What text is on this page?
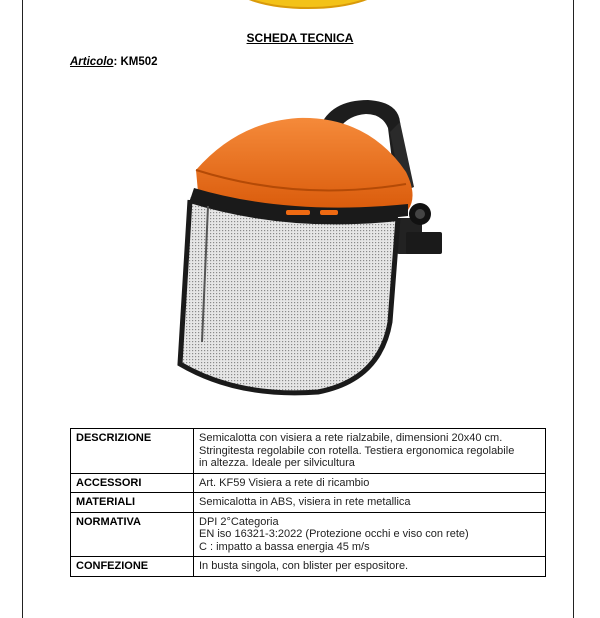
SCHEDA TECNICA
Articolo: KM502
DESCRIZIONE	Semicalotta con visiera a rete rialzabile, dimensioni 20x40 cm.
Stringitesta regolabile con rotella. Testiera ergonomica regolabile
in altezza. Ideale per silvicultura

ACCESSORI	Art. KF59 Visiera a rete di ricambio

MATERIALI	Semicalotta in ABS, visiera in rete metallica

NORMATIVA	DPI 2°Categoria
EN iso 16321-3:2022 (Protezione occhi e viso con rete)
C : impatto a bassa energia 45 m/s

CONFEZIONE	In busta singola, con blister per espositore.
